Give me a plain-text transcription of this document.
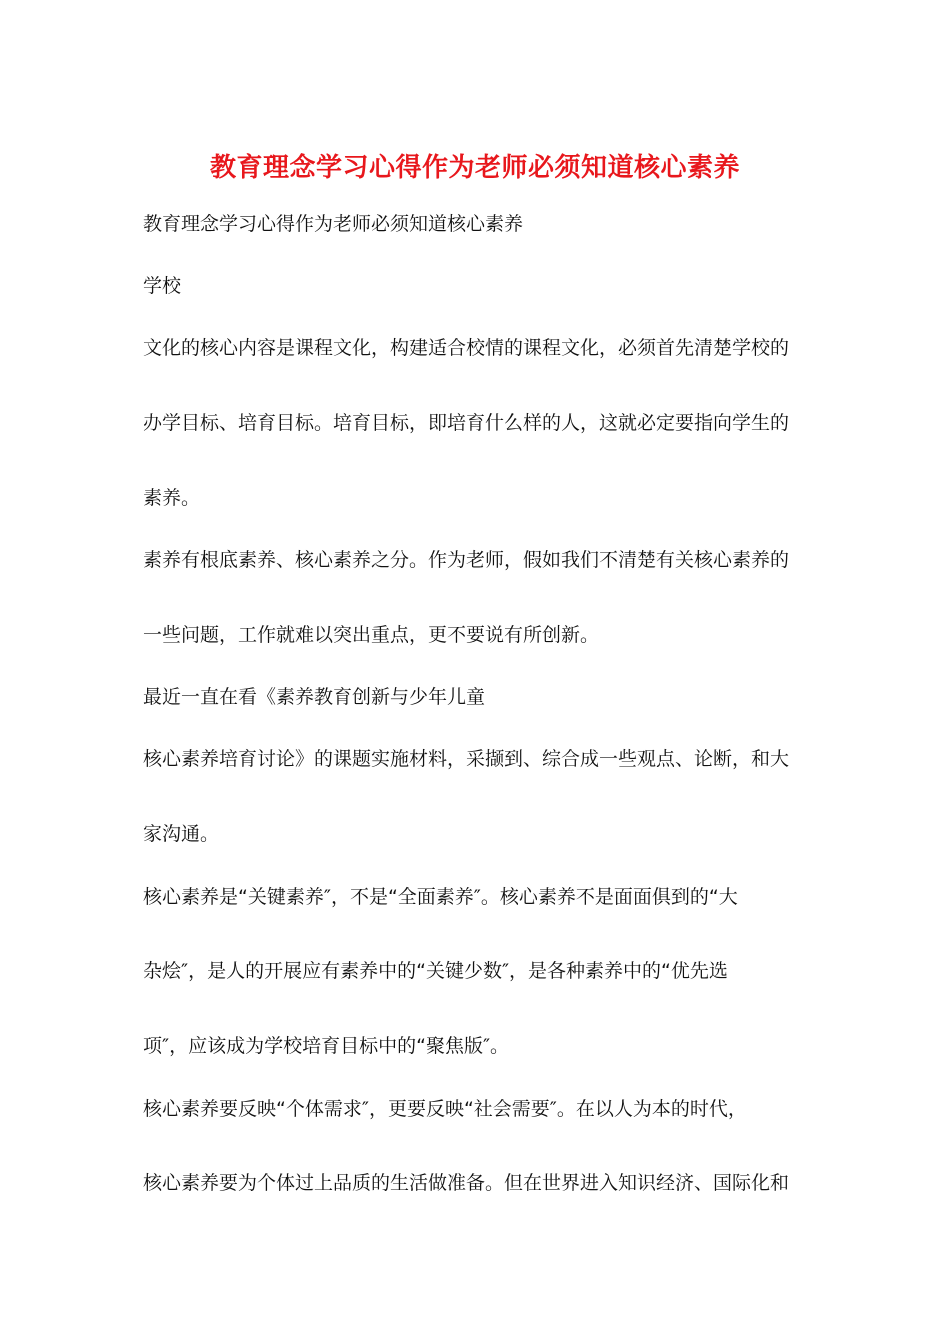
教育理念学习心得作为老师必须知道核心素养
教育理念学习心得作为老师必须知道核心素养
学校
文化的核心内容是课程文化，构建适合校情的课程文化，必须首先清楚学校的
办学目标、培育目标。培育目标，即培育什么样的人，这就必定要指向学生的
素养。
素养有根底素养、核心素养之分。作为老师，假如我们不清楚有关核心素养的
一些问题，工作就难以突出重点，更不要说有所创新。
最近一直在看《素养教育创新与少年儿童
核心素养培育讨论》的课题实施材料，采撷到、综合成一些观点、论断，和大
家沟通。
核心素养是“关键素养″，不是“全面素养″。核心素养不是面面俱到的“大
杂烩″，是人的开展应有素养中的“关键少数″，是各种素养中的“优先选
项″，应该成为学校培育目标中的“聚焦版″。
核心素养要反映“个体需求″，更要反映“社会需要″。在以人为本的时代，
核心素养要为个体过上品质的生活做准备。但在世界进入知识经济、国际化和
